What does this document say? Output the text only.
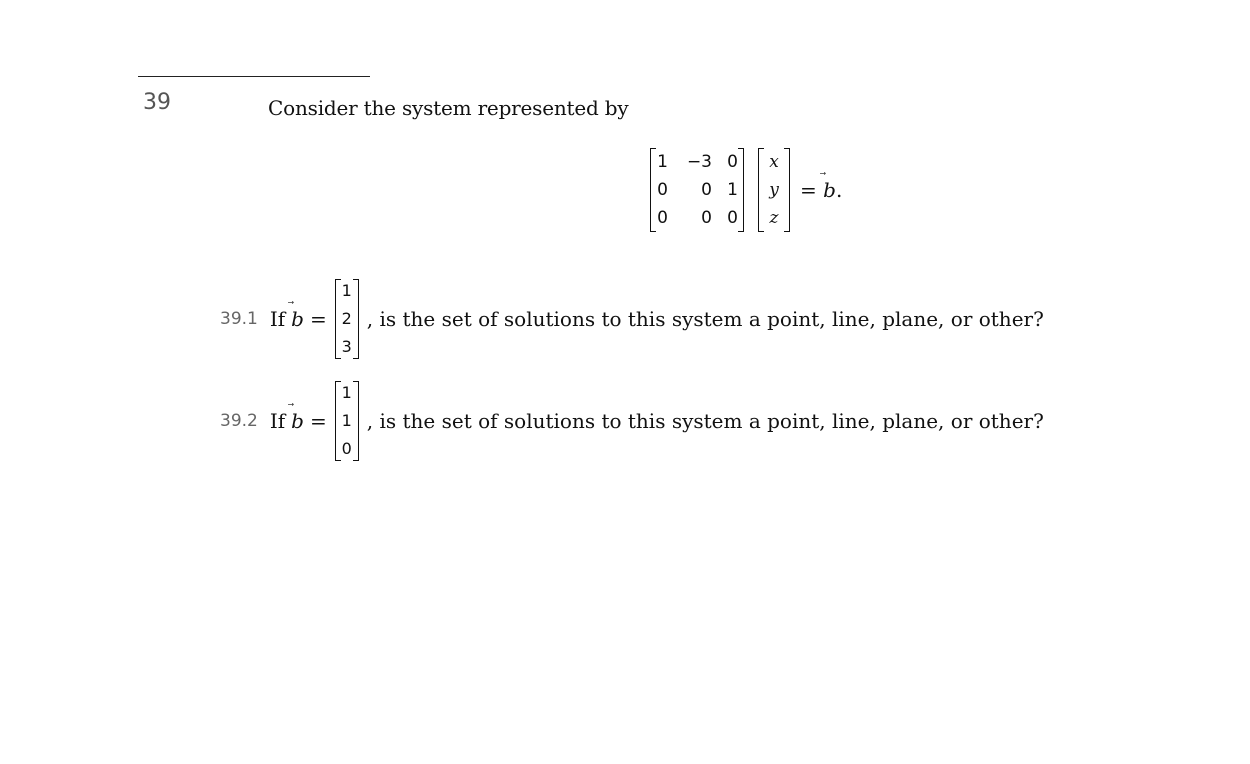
39	Consider the system represented by
1	−3 0
0	0 1
0	0 0
x
y
z
= b.
39.1 If b =
1
2
3
, is the set of solutions to this system a point, line, plane, or other?
39.2 If b =
1
1
0
, is the set of solutions to this system a point, line, plane, or other?
